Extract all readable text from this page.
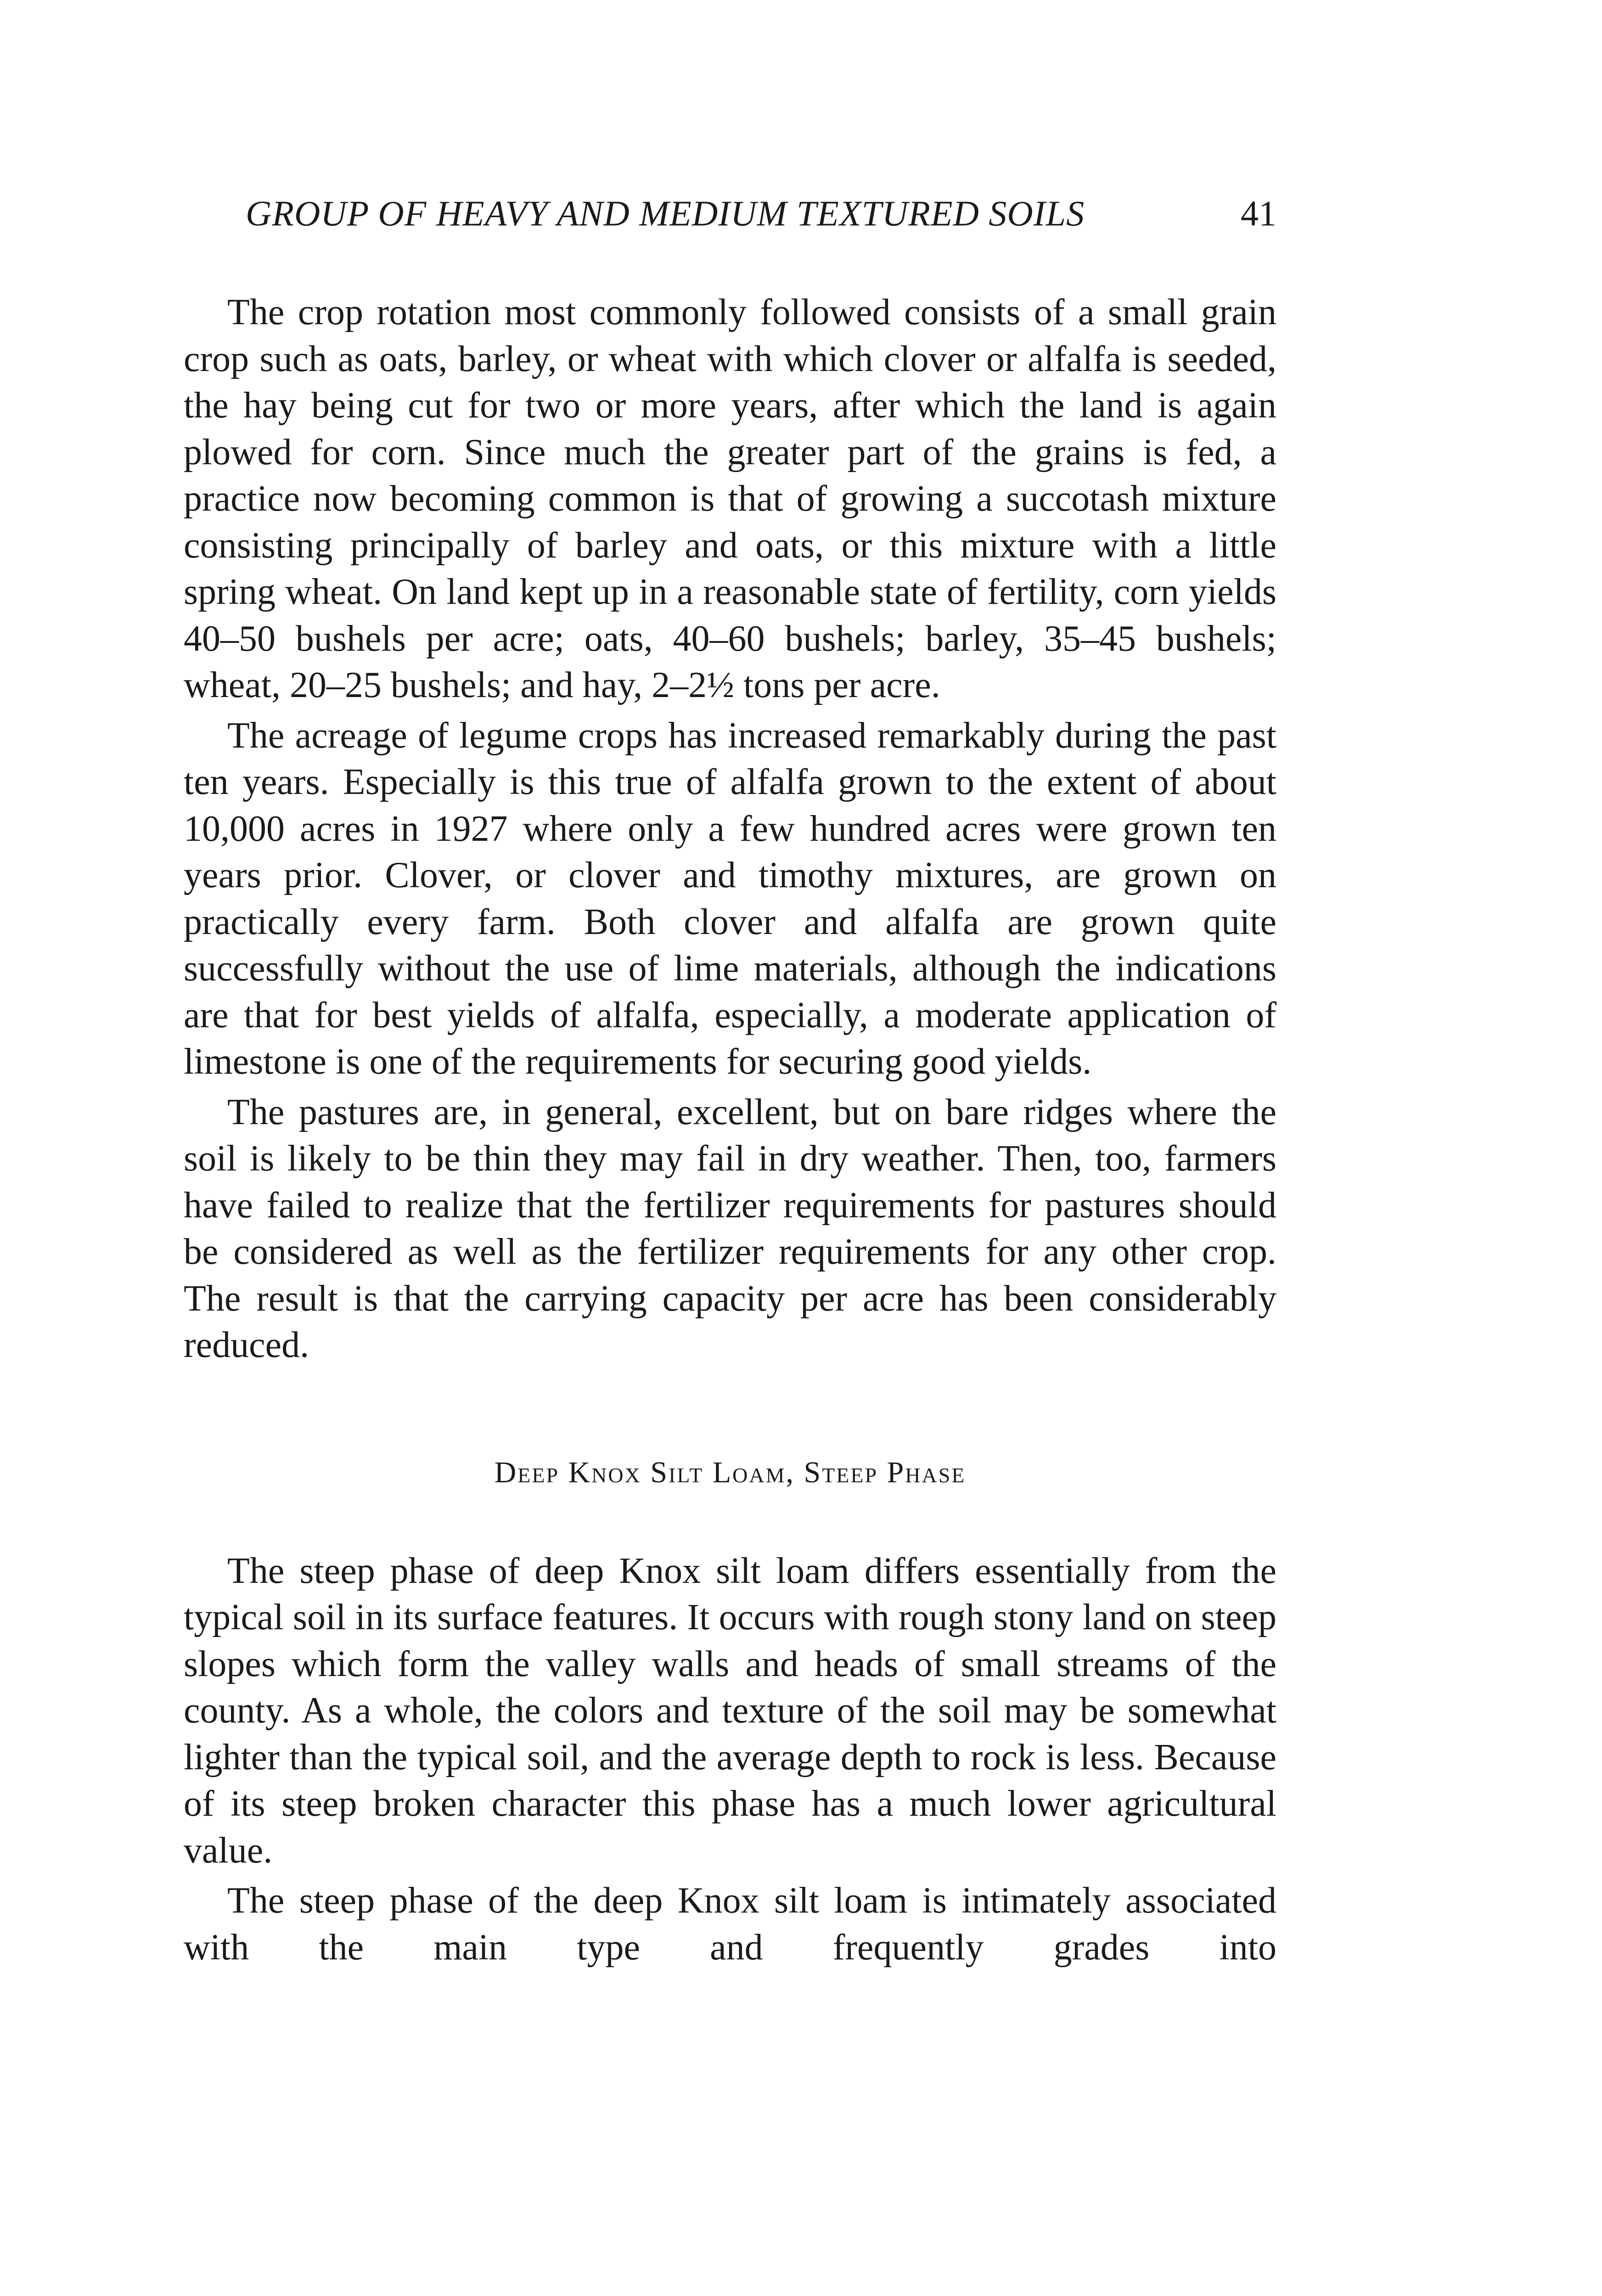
GROUP OF HEAVY AND MEDIUM TEXTURED SOILS	41

The crop rotation most commonly followed consists of a small grain crop such as oats, barley, or wheat with which clover or alfalfa is seeded, the hay being cut for two or more years, after which the land is again plowed for corn. Since much the greater part of the grains is fed, a practice now becoming common is that of growing a succotash mixture consisting principally of barley and oats, or this mixture with a little spring wheat. On land kept up in a reasonable state of fertility, corn yields 40–50 bushels per acre; oats, 40–60 bushels; barley, 35–45 bushels; wheat, 20–25 bushels; and hay, 2–2½ tons per acre.

The acreage of legume crops has increased remarkably during the past ten years. Especially is this true of alfalfa grown to the extent of about 10,000 acres in 1927 where only a few hundred acres were grown ten years prior. Clover, or clover and timothy mixtures, are grown on practically every farm. Both clover and alfalfa are grown quite successfully without the use of lime materials, although the indications are that for best yields of alfalfa, especially, a moderate application of limestone is one of the requirements for securing good yields.

The pastures are, in general, excellent, but on bare ridges where the soil is likely to be thin they may fail in dry weather. Then, too, farmers have failed to realize that the fertilizer requirements for pastures should be considered as well as the fertilizer requirements for any other crop. The result is that the carrying capacity per acre has been considerably reduced.

Deep Knox Silt Loam, Steep Phase

The steep phase of deep Knox silt loam differs essentially from the typical soil in its surface features. It occurs with rough stony land on steep slopes which form the valley walls and heads of small streams of the county. As a whole, the colors and texture of the soil may be somewhat lighter than the typical soil, and the average depth to rock is less. Because of its steep broken character this phase has a much lower agricultural value.

The steep phase of the deep Knox silt loam is intimately associated with the main type and frequently grades into
